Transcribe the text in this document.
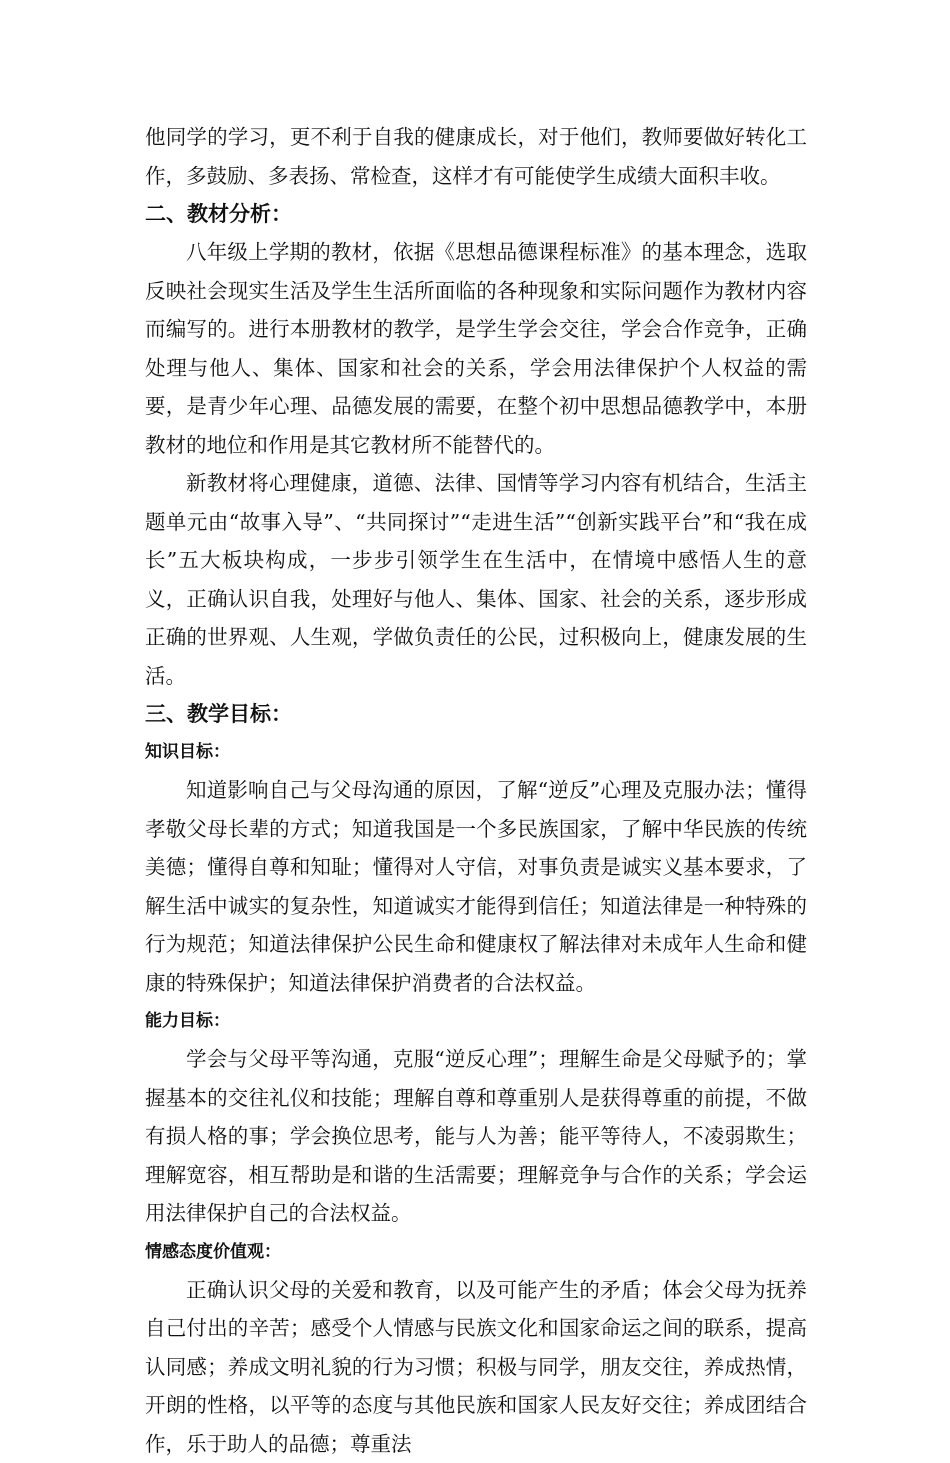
他同学的学习，更不利于自我的健康成长，对于他们，教师要做好转化工作，多鼓励、多表扬、常检查，这样才有可能使学生成绩大面积丰收。

二、教材分析：

八年级上学期的教材，依据《思想品德课程标准》的基本理念，选取反映社会现实生活及学生生活所面临的各种现象和实际问题作为教材内容而编写的。进行本册教材的教学，是学生学会交往，学会合作竞争，正确处理与他人、集体、国家和社会的关系，学会用法律保护个人权益的需要，是青少年心理、品德发展的需要，在整个初中思想品德教学中，本册教材的地位和作用是其它教材所不能替代的。

新教材将心理健康，道德、法律、国情等学习内容有机结合，生活主题单元由“故事入导”、“共同探讨”“走进生活”“创新实践平台”和“我在成长”五大板块构成，一步步引领学生在生活中，在情境中感悟人生的意义，正确认识自我，处理好与他人、集体、国家、社会的关系，逐步形成正确的世界观、人生观，学做负责任的公民，过积极向上，健康发展的生活。

三、教学目标：
知识目标：

知道影响自己与父母沟通的原因，了解“逆反”心理及克服办法；懂得孝敬父母长辈的方式；知道我国是一个多民族国家，了解中华民族的传统美德；懂得自尊和知耻；懂得对人守信，对事负责是诚实义基本要求，了解生活中诚实的复杂性，知道诚实才能得到信任；知道法律是一种特殊的行为规范；知道法律保护公民生命和健康权了解法律对未成年人生命和健康的特殊保护；知道法律保护消费者的合法权益。

能力目标：

学会与父母平等沟通，克服“逆反心理”；理解生命是父母赋予的；掌握基本的交往礼仪和技能；理解自尊和尊重别人是获得尊重的前提，不做有损人格的事；学会换位思考，能与人为善；能平等待人，不凌弱欺生；理解宽容，相互帮助是和谐的生活需要；理解竞争与合作的关系；学会运用法律保护自己的合法权益。

情感态度价值观：

正确认识父母的关爱和教育，以及可能产生的矛盾；体会父母为抚养自己付出的辛苦；感受个人情感与民族文化和国家命运之间的联系，提高认同感；养成文明礼貌的行为习惯；积极与同学，朋友交往，养成热情，开朗的性格，以平等的态度与其他民族和国家人民友好交往；养成团结合作，乐于助人的品德；尊重法
